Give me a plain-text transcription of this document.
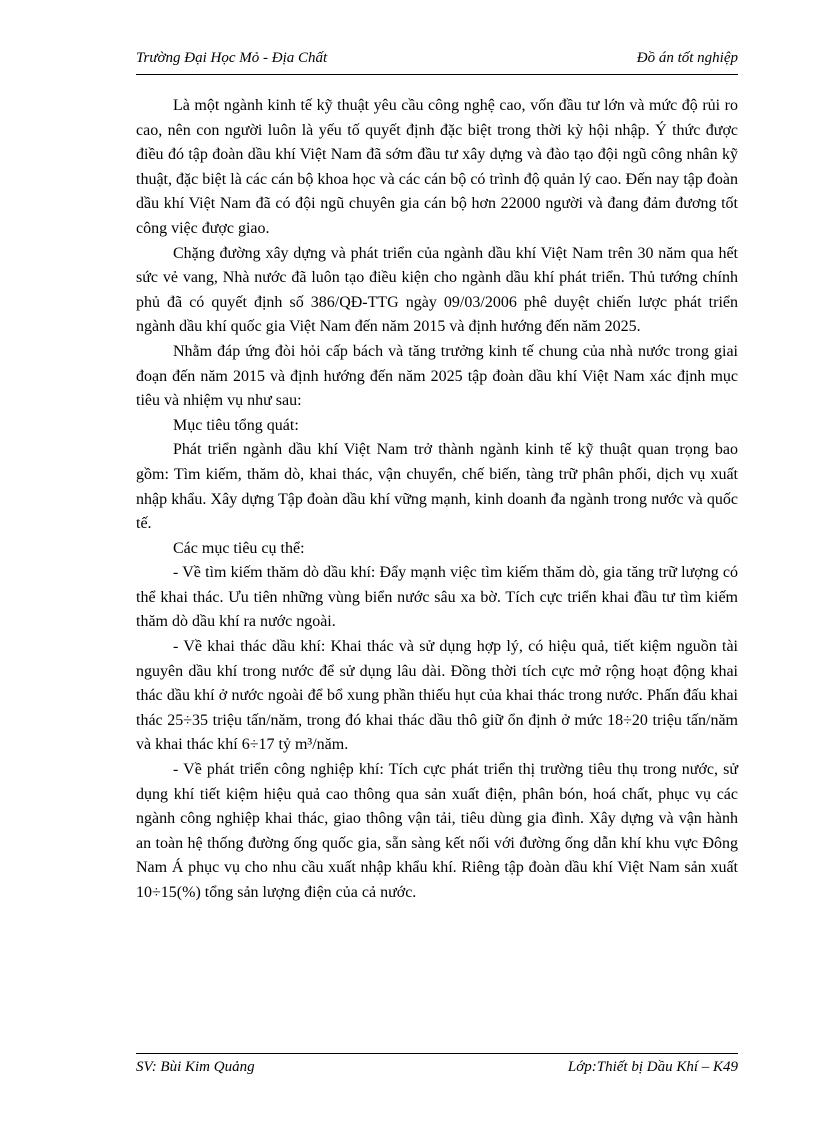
Trường Đại Học Mỏ - Địa Chất	Đồ án tốt nghiệp

Là một ngành kinh tế kỹ thuật yêu cầu công nghệ cao, vốn đầu tư lớn và mức độ rủi ro cao, nên con người luôn là yếu tố quyết định đặc biệt trong thời kỳ hội nhập. Ý thức được điều đó tập đoàn dầu khí Việt Nam đã sớm đầu tư xây dựng và đào tạo đội ngũ công nhân kỹ thuật, đặc biệt là các cán bộ khoa học và các cán bộ có trình độ quản lý cao. Đến nay tập đoàn dầu khí Việt Nam đã có đội ngũ chuyên gia cán bộ hơn 22000 người và đang đảm đương tốt công việc được giao.

Chặng đường xây dựng và phát triển của ngành dầu khí Việt Nam trên 30 năm qua hết sức vẻ vang, Nhà nước đã luôn tạo điều kiện cho ngành dầu khí phát triển. Thủ tướng chính phủ đã có quyết định số 386/QĐ-TTG ngày 09/03/2006 phê duyệt chiến lược phát triển ngành dầu khí quốc gia Việt Nam đến năm 2015 và định hướng đến năm 2025.

Nhằm đáp ứng đòi hỏi cấp bách và tăng trưởng kinh tế chung của nhà nước trong giai đoạn đến năm 2015 và định hướng đến năm 2025 tập đoàn dầu khí Việt Nam xác định mục tiêu và nhiệm vụ như sau:

Mục tiêu tổng quát:

Phát triển ngành dầu khí Việt Nam trở thành ngành kinh tế kỹ thuật quan trọng bao gồm: Tìm kiếm, thăm dò, khai thác, vận chuyển, chế biến, tàng trữ phân phối, dịch vụ xuất nhập khẩu. Xây dựng Tập đoàn dầu khí vững mạnh, kinh doanh đa ngành trong nước và quốc tế.

Các mục tiêu cụ thể:

- Về tìm kiếm thăm dò dầu khí: Đẩy mạnh việc tìm kiếm thăm dò, gia tăng trữ lượng có thể khai thác. Ưu tiên những vùng biển nước sâu xa bờ. Tích cực triển khai đầu tư tìm kiếm thăm dò dầu khí ra nước ngoài.

- Về khai thác dầu khí: Khai thác và sử dụng hợp lý, có hiệu quả, tiết kiệm nguồn tài nguyên dầu khí trong nước để sử dụng lâu dài. Đồng thời tích cực mở rộng hoạt động khai thác dầu khí ở nước ngoài để bổ xung phần thiếu hụt của khai thác trong nước. Phấn đấu khai thác 25÷35 triệu tấn/năm, trong đó khai thác dầu thô giữ ổn định ở mức 18÷20 triệu tấn/năm và khai thác khí 6÷17 tỷ m³/năm.

- Về phát triển công nghiệp khí: Tích cực phát triển thị trường tiêu thụ trong nước, sử dụng khí tiết kiệm hiệu quả cao thông qua sản xuất điện, phân bón, hoá chất, phục vụ các ngành công nghiệp khai thác, giao thông vận tải, tiêu dùng gia đình. Xây dựng và vận hành an toàn hệ thống đường ống quốc gia, sẵn sàng kết nối với đường ống dẫn khí khu vực Đông Nam Á phục vụ cho nhu cầu xuất nhập khẩu khí. Riêng tập đoàn dầu khí Việt Nam sản xuất 10÷15(%) tổng sản lượng điện của cả nước.

SV: Bùi Kim Quảng	Lớp:Thiết bị Dầu Khí – K49
